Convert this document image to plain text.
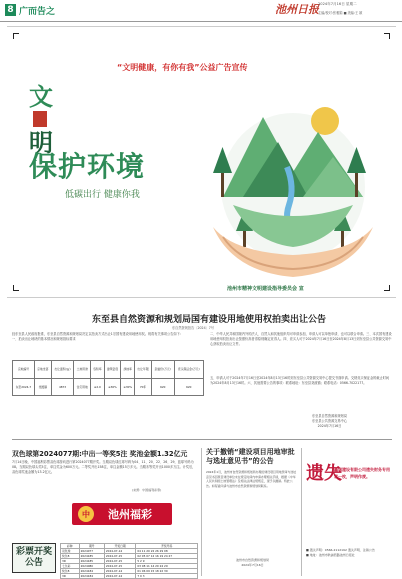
8 广而告之	池州日报 2024年7月16日 星期二
主编/校对:张雅娟 ■ 美编:王 颖
“文明健康，有你有我”公益广告宣传
文
明
保护环境
低碳出行 健康你我
池州市精神文明建设指导委员会 宣
东至县自然资源和规划局国有建设用地使用权拍卖出让公告
东自然资规拍告〔2024〕7号
经东至县人民政府批准，东至县自然资源和规划局决定以拍卖方式出让1宗国有建设用地使用权。现将有关事项公告如下：
一、拍卖出让地块的基本情况和规划指标要求
宗地编号	宗地坐落	出让面积(㎡)	土地用途	容积率	建筑密度	绿地率	出让年限	起始价(万元)	竞买保证金(万元)
东至2024-7	尧渡镇	4873	住宅用地	≤2.0	≤30%	≥30%	70年	620	620
二、中华人民共和国境内外的法人、自然人和其他组织均可申请参加，申请人可以单独申请，也可以联合申请。三、本次国有建设用地使用权拍卖出让按照价高者得原则确定竞得人。四、竞买人可于2024年7月16日至2024年8月13日到东至县公共资源交易中心获取拍卖出让文件。
五、申请人可于2024年7月16日至2024年8月13日16时到东至县公共资源交易中心提交书面申请。交纳竞买保证金的截止时间为2024年8月13日16时。六、其他需要公告的事项：联系地址：东至县尧渡镇；联系电话：0566-7022177。
东至县自然资源和规划局
东至县公共资源交易中心
2024年7月16日
双色球第2024077期:中出一等奖5注 奖池金额1.32亿元
7月14日晚，中国福利彩票双色球游戏进行第2024077期开奖。当期双色球红球号码为04、11、20、22、26、29，蓝球号码为08。当期双色球头奖5注，单注奖金为600万元。二等奖开出158注，单注金额15万多元。当期末等奖开出1000多万注。计奖后，双色球奖池金额为13.2亿元。
(来源：中国福利彩票)
中 池州福彩
彩票开奖公告
彩种	期号	开奖日期	开奖号码
双色球	2024077	2024-07-14	04 11 20 22 26 29 08
快乐8	2024185	2024-07-15	02 05 07 12 16 19 24 27
3D	2024185	2024-07-15	5 2 9
七乐彩	2024080	2024-07-15	03 08 11 14 20 24 29
快乐8	2024184	2024-07-14	01 06 09 15 18 22 30
3D	2024184	2024-07-14	7 0 3
关于撤销“建设项目用地审批与选址意见书”的公告
2024年1月，池州市自然资源和规划局办理的建设项目用地预审与选址意见书因项目建设单位未在规定时间内申请办理相关手续，根据《中华人民共和国土地管理法》及相关法律法规规定，现予以撤销。特此公告。如有疑问请与池州市自然资源和规划局联系。
池州市自然资源和规划局
2024年7月16日
遗失
鑫城建设有限公司遗失财务专用章一枚，声明作废。
■ 遗失声明：0566-2112192 遗失声明、注销公告
■ 地址：池州市秋浦西路池州日报社
